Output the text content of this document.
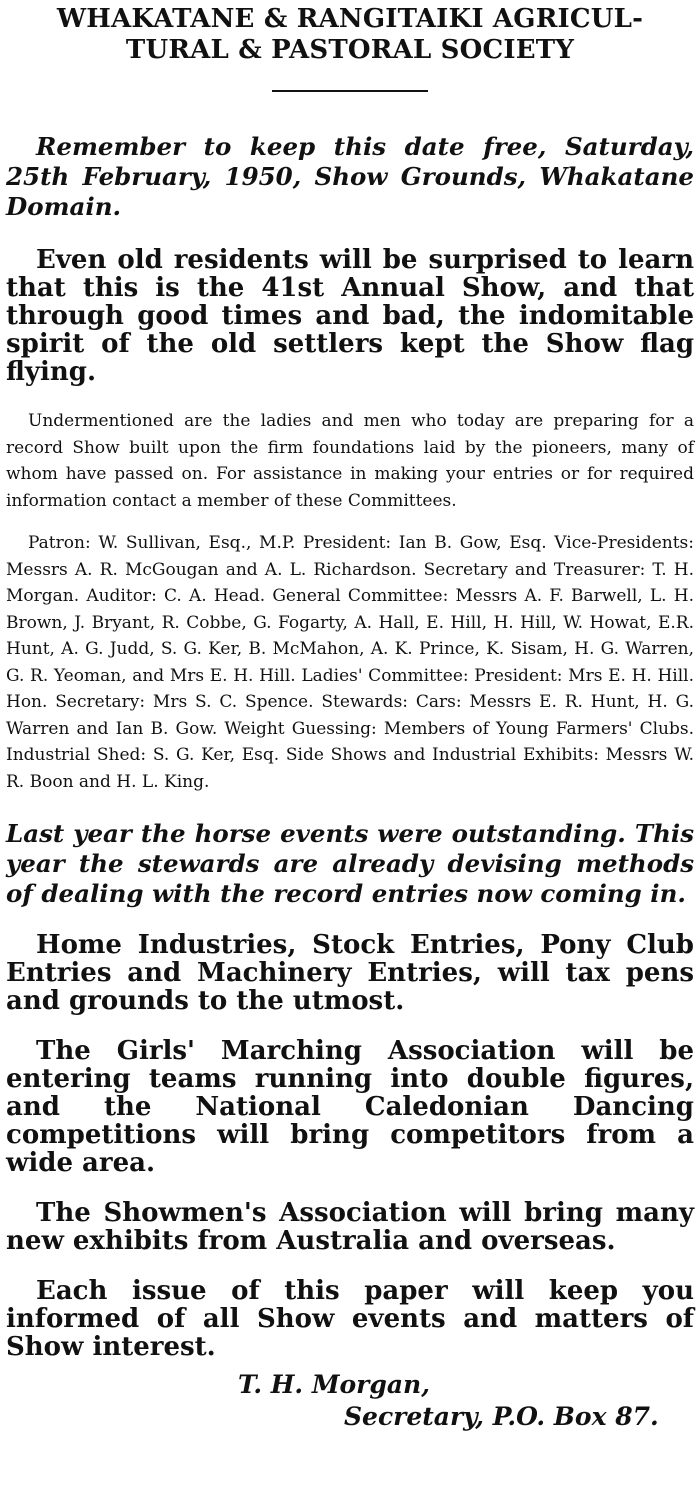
WHAKATANE & RANGITAIKI AGRICUL-
TURAL & PASTORAL SOCIETY
Remember to keep this date free, Saturday, 25th February, 1950, Show Grounds, Whakatane Domain.
Even old residents will be surprised to learn that this is the 41st Annual Show, and that through good times and bad, the indomitable spirit of the old settlers kept the Show flag flying.
Undermentioned are the ladies and men who today are preparing for a record Show built upon the firm foundations laid by the pioneers, many of whom have passed on. For assistance in making your entries or for required information contact a member of these Committees.
Patron: W. Sullivan, Esq., M.P. President: Ian B. Gow, Esq. Vice-Presidents: Messrs A. R. McGougan and A. L. Richardson. Secretary and Treasurer: T. H. Morgan. Auditor: C. A. Head. General Committee: Messrs A. F. Barwell, L. H. Brown, J. Bryant, R. Cobbe, G. Fogarty, A. Hall, E. Hill, H. Hill, W. Howat, E.R. Hunt, A. G. Judd, S. G. Ker, B. McMahon, A. K. Prince, K. Sisam, H. G. Warren, G. R. Yeoman, and Mrs E. H. Hill. Ladies' Committee: President: Mrs E. H. Hill. Hon. Secretary: Mrs S. C. Spence. Stewards: Cars: Messrs E. R. Hunt, H. G. Warren and Ian B. Gow. Weight Guessing: Members of Young Farmers' Clubs. Industrial Shed: S. G. Ker, Esq. Side Shows and Industrial Exhibits: Messrs W. R. Boon and H. L. King.
Last year the horse events were outstanding. This year the stewards are already devising methods of dealing with the record entries now coming in.
Home Industries, Stock Entries, Pony Club Entries and Machinery Entries, will tax pens and grounds to the utmost.
The Girls' Marching Association will be entering teams running into double figures, and the National Caledonian Dancing competitions will bring competitors from a wide area.
The Showmen's Association will bring many new exhibits from Australia and overseas.
Each issue of this paper will keep you informed of all Show events and matters of Show interest.
T. H. Morgan,
Secretary, P.O. Box 87.
